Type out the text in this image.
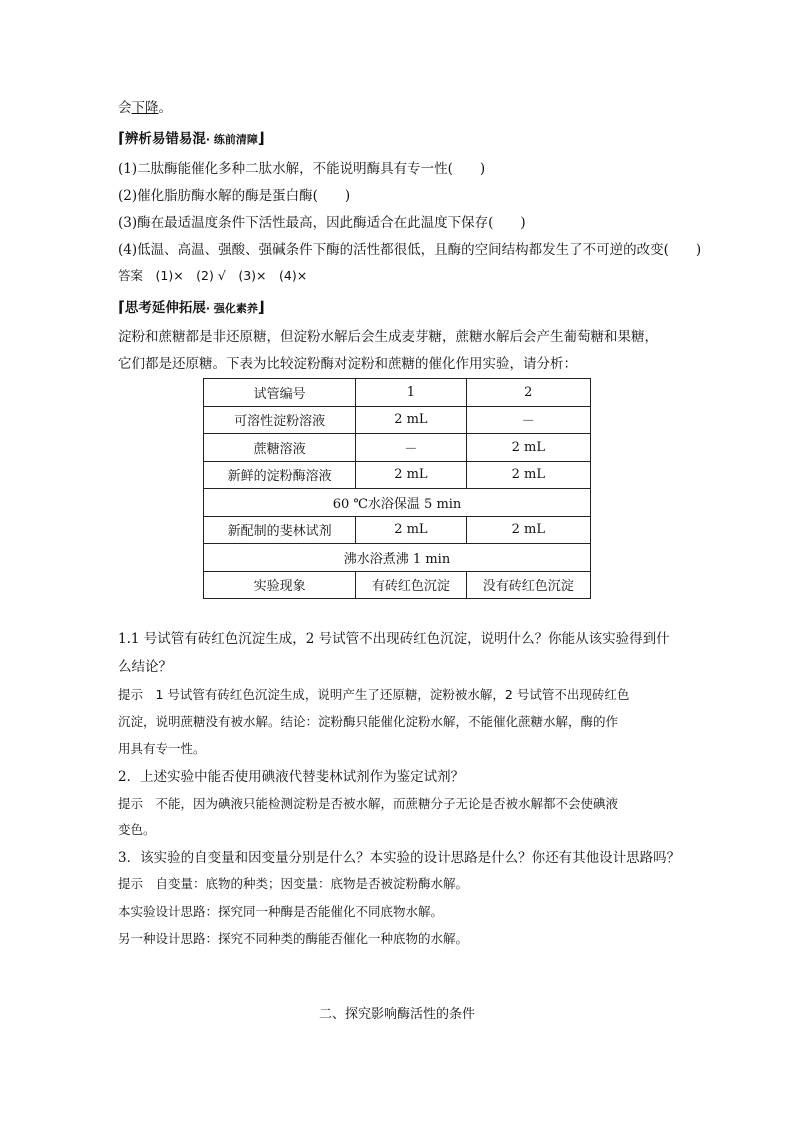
会下降。
⌈辨析易错易混· 练前清障⌋
(1)二肽酶能催化多种二肽水解，不能说明酶具有专一性(　　)
(2)催化脂肪酶水解的酶是蛋白酶(　　)
(3)酶在最适温度条件下活性最高，因此酶适合在此温度下保存(　　)
(4)低温、高温、强酸、强碱条件下酶的活性都很低，且酶的空间结构都发生了不可逆的改变(　　)
答案　(1)×　(2) √　(3)×　(4)×
⌈思考延伸拓展· 强化素养⌋
淀粉和蔗糖都是非还原糖，但淀粉水解后会生成麦芽糖，蔗糖水解后会产生葡萄糖和果糖，
它们都是还原糖。下表为比较淀粉酶对淀粉和蔗糖的催化作用实验，请分析：
试管编号	1	2
可溶性淀粉溶液	2 mL	－
蔗糖溶液	－	2 mL
新鲜的淀粉酶溶液	2 mL	2 mL
60 ℃水浴保温 5 min		
新配制的斐林试剂	2 mL	2 mL
沸水浴煮沸 1 min		
实验现象	有砖红色沉淀	没有砖红色沉淀
1.1 号试管有砖红色沉淀生成，2 号试管不出现砖红色沉淀，说明什么？你能从该实验得到什
么结论？
提示　1 号试管有砖红色沉淀生成，说明产生了还原糖，淀粉被水解，2 号试管不出现砖红色
沉淀，说明蔗糖没有被水解。结论：淀粉酶只能催化淀粉水解，不能催化蔗糖水解，酶的作
用具有专一性。
2．上述实验中能否使用碘液代替斐林试剂作为鉴定试剂？
提示　不能，因为碘液只能检测淀粉是否被水解，而蔗糖分子无论是否被水解都不会使碘液
变色。
3．该实验的自变量和因变量分别是什么？本实验的设计思路是什么？你还有其他设计思路吗？
提示　自变量：底物的种类；因变量：底物是否被淀粉酶水解。
本实验设计思路：探究同一种酶是否能催化不同底物水解。
另一种设计思路：探究不同种类的酶能否催化一种底物的水解。
二、探究影响酶活性的条件
